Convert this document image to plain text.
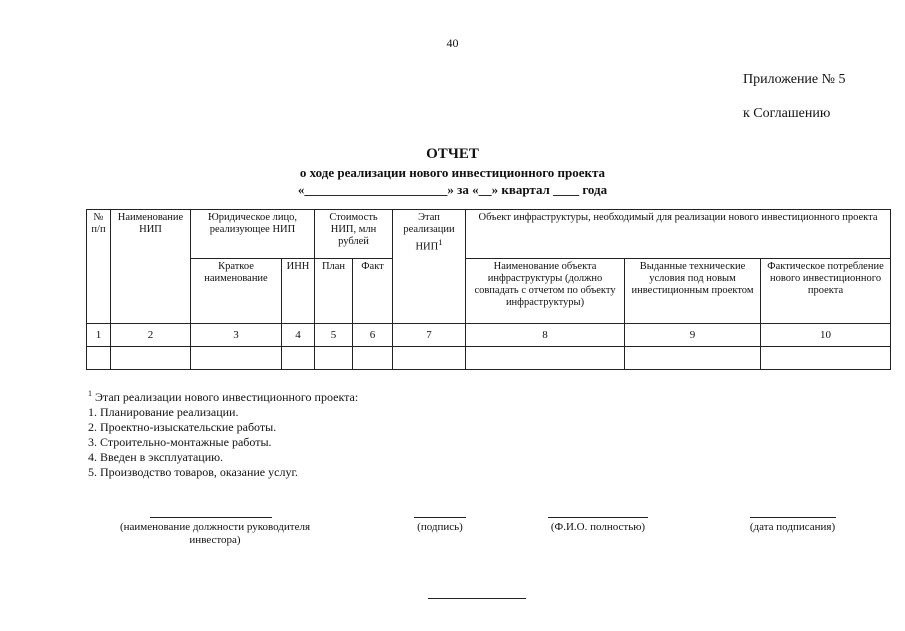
40
Приложение № 5
к Соглашению
ОТЧЕТ
о ходе реализации нового инвестиционного проекта
«______________________» за «__» квартал ____ года
№ п/п	Наименование НИП	Юридическое лицо, реализующее НИП		Стоимость НИП, млн рублей		Этап реализации НИП$^1$	Объект инфраструктуры, необходимый для реализации нового инвестиционного проекта		
		Краткое наименование	ИНН	План	Факт		Наименование объекта инфраструктуры (должно совпадать с отчетом по объекту инфраструктуры)	Выданные технические условия под новым инвестиционным проектом	Фактическое потребление нового инвестиционного проекта
1	2	3	4	5	6	7	8	9	10

$^1$ Этап реализации нового инвестиционного проекта:
1. Планирование реализации.
2. Проектно-изыскательские работы.
3. Строительно-монтажные работы.
4. Введен в эксплуатацию.
5. Производство товаров, оказание услуг.
(наименование должности руководителя инвестора)
(подпись)	(Ф.И.О. полностью)	(дата подписания)
